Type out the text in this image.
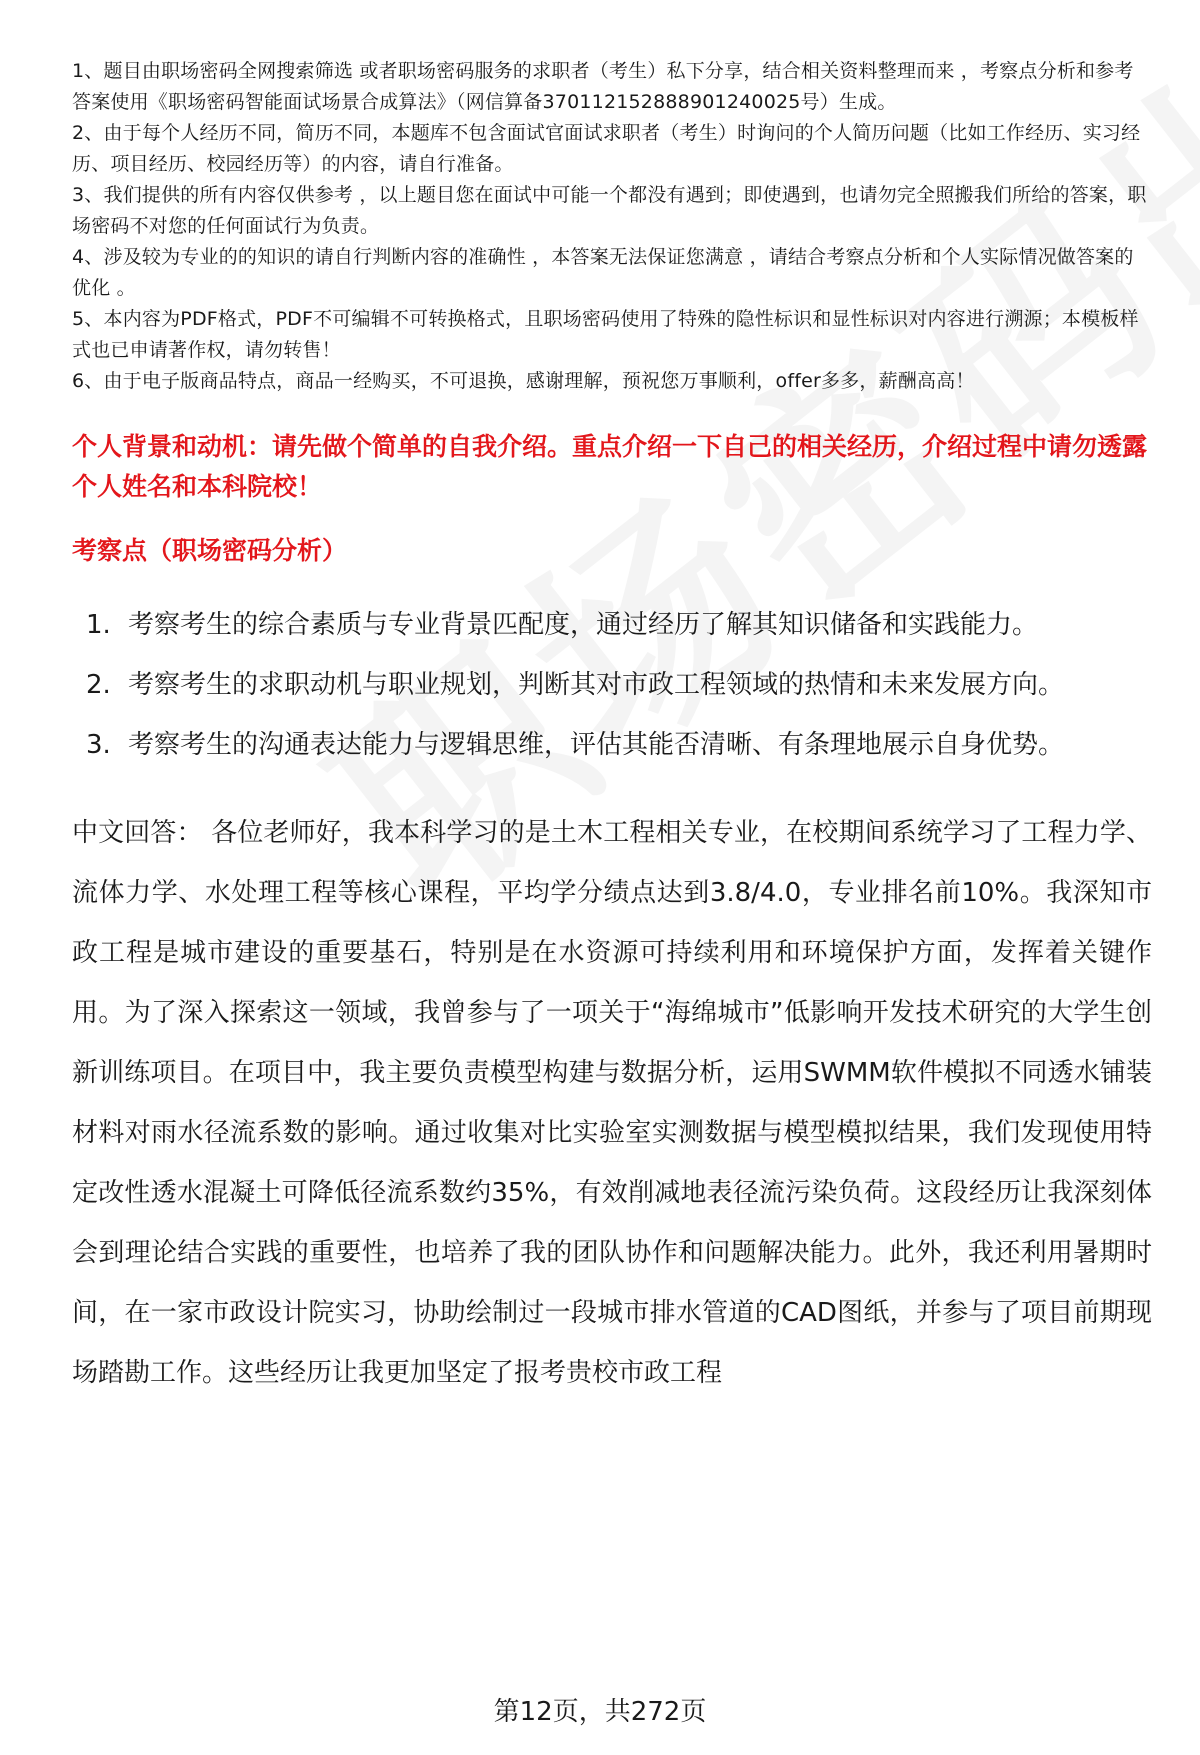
1、题目由职场密码全网搜索筛选 或者职场密码服务的求职者（考生）私下分享，结合相关资料整理而来 ，考察点分析和参考答案使用《职场密码智能面试场景合成算法》（网信算备370112152888901240025号）生成。

2、由于每个人经历不同，简历不同，本题库不包含面试官面试求职者（考生）时询问的个人简历问题（比如工作经历、实习经历、项目经历、校园经历等）的内容，请自行准备。

3、我们提供的所有内容仅供参考 ，以上题目您在面试中可能一个都没有遇到；即使遇到，也请勿完全照搬我们所给的答案，职场密码不对您的任何面试行为负责。

4、涉及较为专业的的知识的请自行判断内容的准确性 ，本答案无法保证您满意 ，请结合考察点分析和个人实际情况做答案的优化 。

5、本内容为PDF格式，PDF不可编辑不可转换格式，且职场密码使用了特殊的隐性标识和显性标识对内容进行溯源；本模板样式也已申请著作权，请勿转售！

6、由于电子版商品特点，商品一经购买，不可退换，感谢理解，预祝您万事顺利，offer多多，薪酬高高！

个人背景和动机：请先做个简单的自我介绍。重点介绍一下自己的相关经历，介绍过程中请勿透露个人姓名和本科院校！
考察点（职场密码分析）
1. 考察考生的综合素质与专业背景匹配度，通过经历了解其知识储备和实践能力。
2. 考察考生的求职动机与职业规划，判断其对市政工程领域的热情和未来发展方向。
3. 考察考生的沟通表达能力与逻辑思维，评估其能否清晰、有条理地展示自身优势。

中文回答： 各位老师好，我本科学习的是土木工程相关专业，在校期间系统学习了工程力学、流体力学、水处理工程等核心课程，平均学分绩点达到3.8/4.0，专业排名前10%。我深知市政工程是城市建设的重要基石，特别是在水资源可持续利用和环境保护方面，发挥着关键作用。为了深入探索这一领域，我曾参与了一项关于“海绵城市”低影响开发技术研究的大学生创新训练项目。在项目中，我主要负责模型构建与数据分析，运用SWMM软件模拟不同透水铺装材料对雨水径流系数的影响。通过收集对比实验室实测数据与模型模拟结果，我们发现使用特定改性透水混凝土可降低径流系数约35%，有效削减地表径流污染负荷。这段经历让我深刻体会到理论结合实践的重要性，也培养了我的团队协作和问题解决能力。此外，我还利用暑期时间，在一家市政设计院实习，协助绘制过一段城市排水管道的CAD图纸，并参与了项目前期现场踏勘工作。这些经历让我更加坚定了报考贵校市政工程

第12页，共272页
